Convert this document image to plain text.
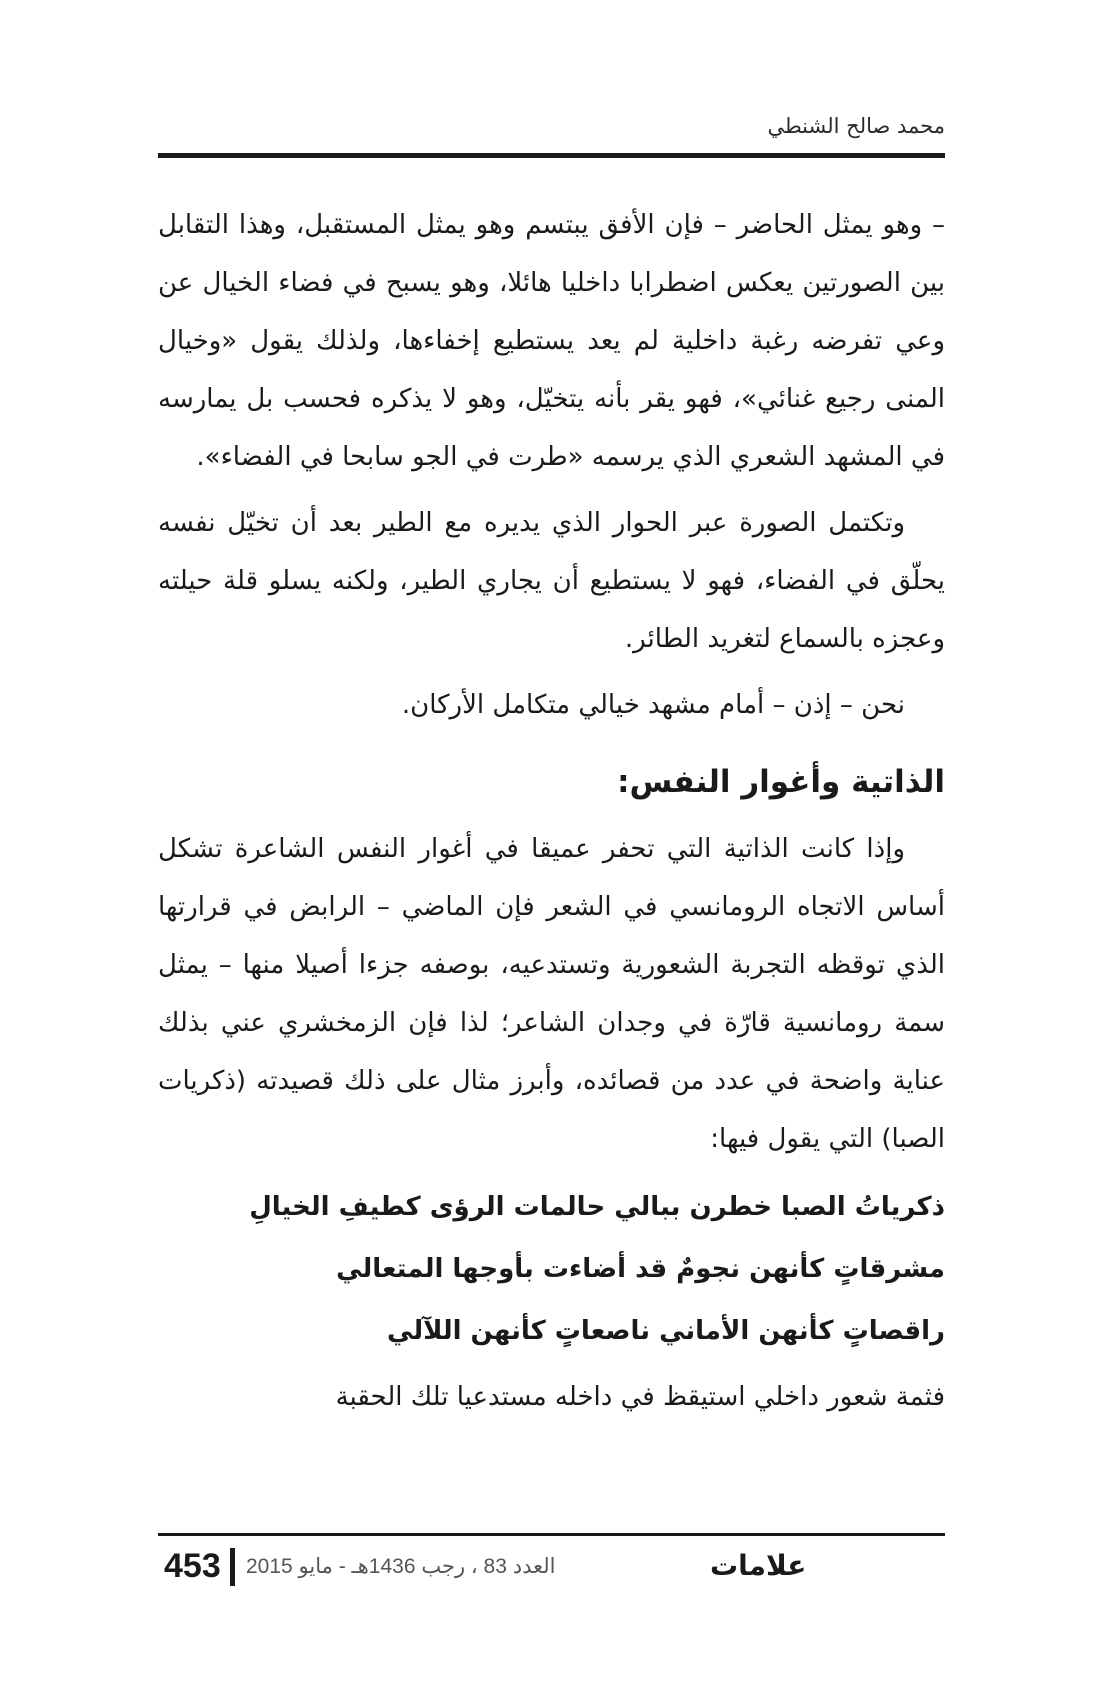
محمد صالح الشنطي

– وهو يمثل الحاضر – فإن الأفق يبتسم وهو يمثل المستقبل، وهذا التقابل بين الصورتين يعكس اضطرابا داخليا هائلا، وهو يسبح في فضاء الخيال عن وعي تفرضه رغبة داخلية لم يعد يستطيع إخفاءها، ولذلك يقول «وخيال المنى رجيع غنائي»، فهو يقر بأنه يتخيّل، وهو لا يذكره فحسب بل يمارسه في المشهد الشعري الذي يرسمه «طرت في الجو سابحا في الفضاء».

وتكتمل الصورة عبر الحوار الذي يديره مع الطير بعد أن تخيّل نفسه يحلّق في الفضاء، فهو لا يستطيع أن يجاري الطير، ولكنه يسلو قلة حيلته وعجزه بالسماع لتغريد الطائر.

نحن – إذن – أمام مشهد خيالي متكامل الأركان.

الذاتية وأغوار النفس:

وإذا كانت الذاتية التي تحفر عميقا في أغوار النفس الشاعرة تشكل أساس الاتجاه الرومانسي في الشعر فإن الماضي – الرابض في قرارتها الذي توقظه التجربة الشعورية وتستدعيه، بوصفه جزءا أصيلا منها – يمثل سمة رومانسية قارّة في وجدان الشاعر؛ لذا فإن الزمخشري عني بذلك عناية واضحة في عدد من قصائده، وأبرز مثال على ذلك قصيدته (ذكريات الصبا) التي يقول فيها:

ذكرياتُ الصبا خطرن ببالي حالمات الرؤى كطيفِ الخيالِ
مشرقاتٍ كأنهن نجومٌ قد أضاءت بأوجها المتعالي
راقصاتٍ كأنهن الأماني ناصعاتٍ كأنهن اللآلي

فثمة شعور داخلي استيقظ في داخله مستدعيا تلك الحقبة

453 العدد 83 ، رجب 1436هـ - مايو 2015	علامات
